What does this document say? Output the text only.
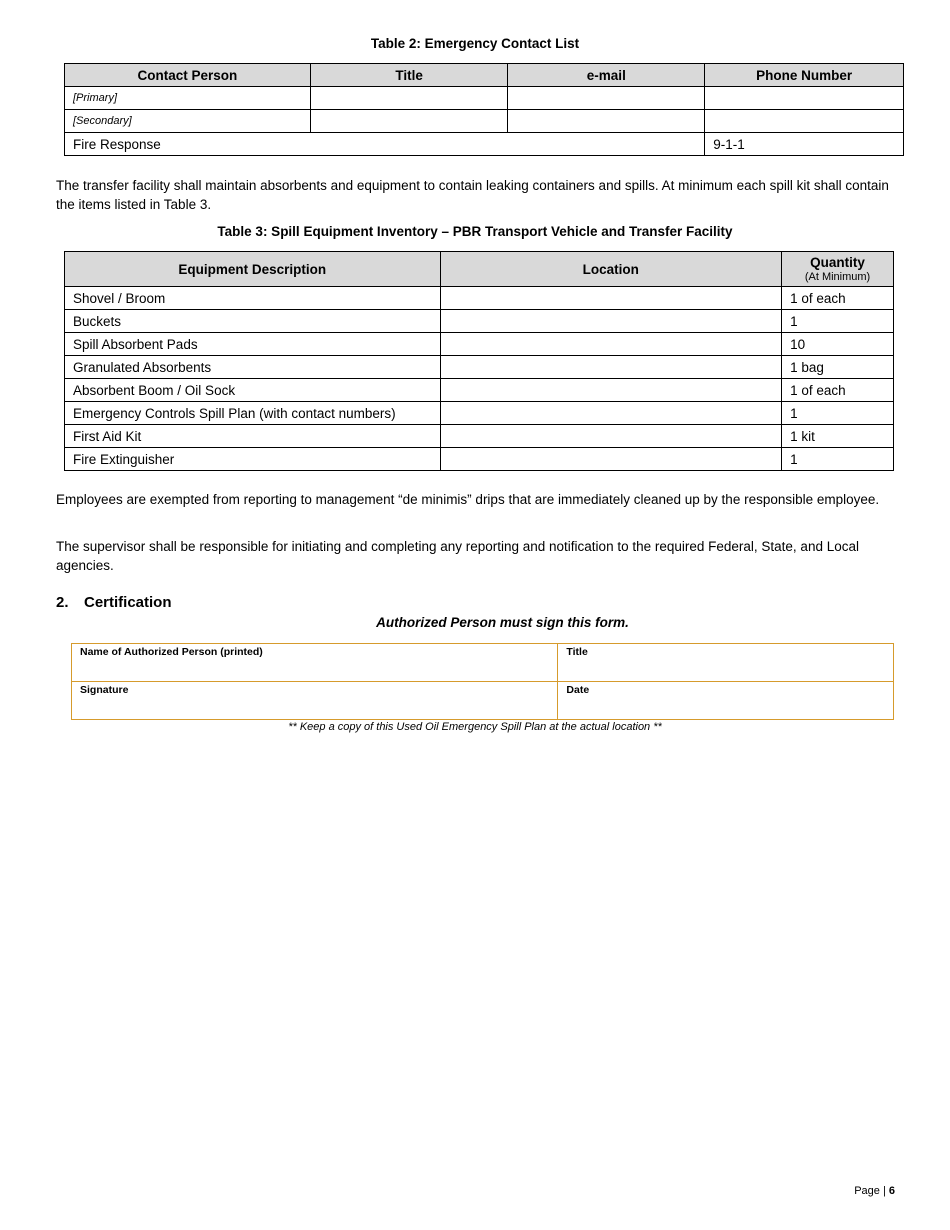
Table 2: Emergency Contact List
Contact Person	Title	e-mail	Phone Number
[Primary]			
[Secondary]			
Fire Response			9-1-1

The transfer facility shall maintain absorbents and equipment to contain leaking containers and spills. At minimum each spill kit shall contain the items listed in Table 3.

Table 3: Spill Equipment Inventory – PBR Transport Vehicle and Transfer Facility
Equipment Description	Location	Quantity
(At Minimum)

Shovel / Broom		1 of each
Buckets		1
Spill Absorbent Pads		10
Granulated Absorbents		1 bag
Absorbent Boom / Oil Sock		1 of each
Emergency Controls Spill Plan (with contact numbers)		1
First Aid Kit		1 kit
Fire Extinguisher		1

Employees are exempted from reporting to management “de minimis” drips that are immediately cleaned up by the responsible employee.

The supervisor shall be responsible for initiating and completing any reporting and notification to the required Federal, State, and Local agencies.

2. Certification
Authorized Person must sign this form.
Name of Authorized Person (printed)	Title
Signature	Date
** Keep a copy of this Used Oil Emergency Spill Plan at the actual location **
Page | 6
